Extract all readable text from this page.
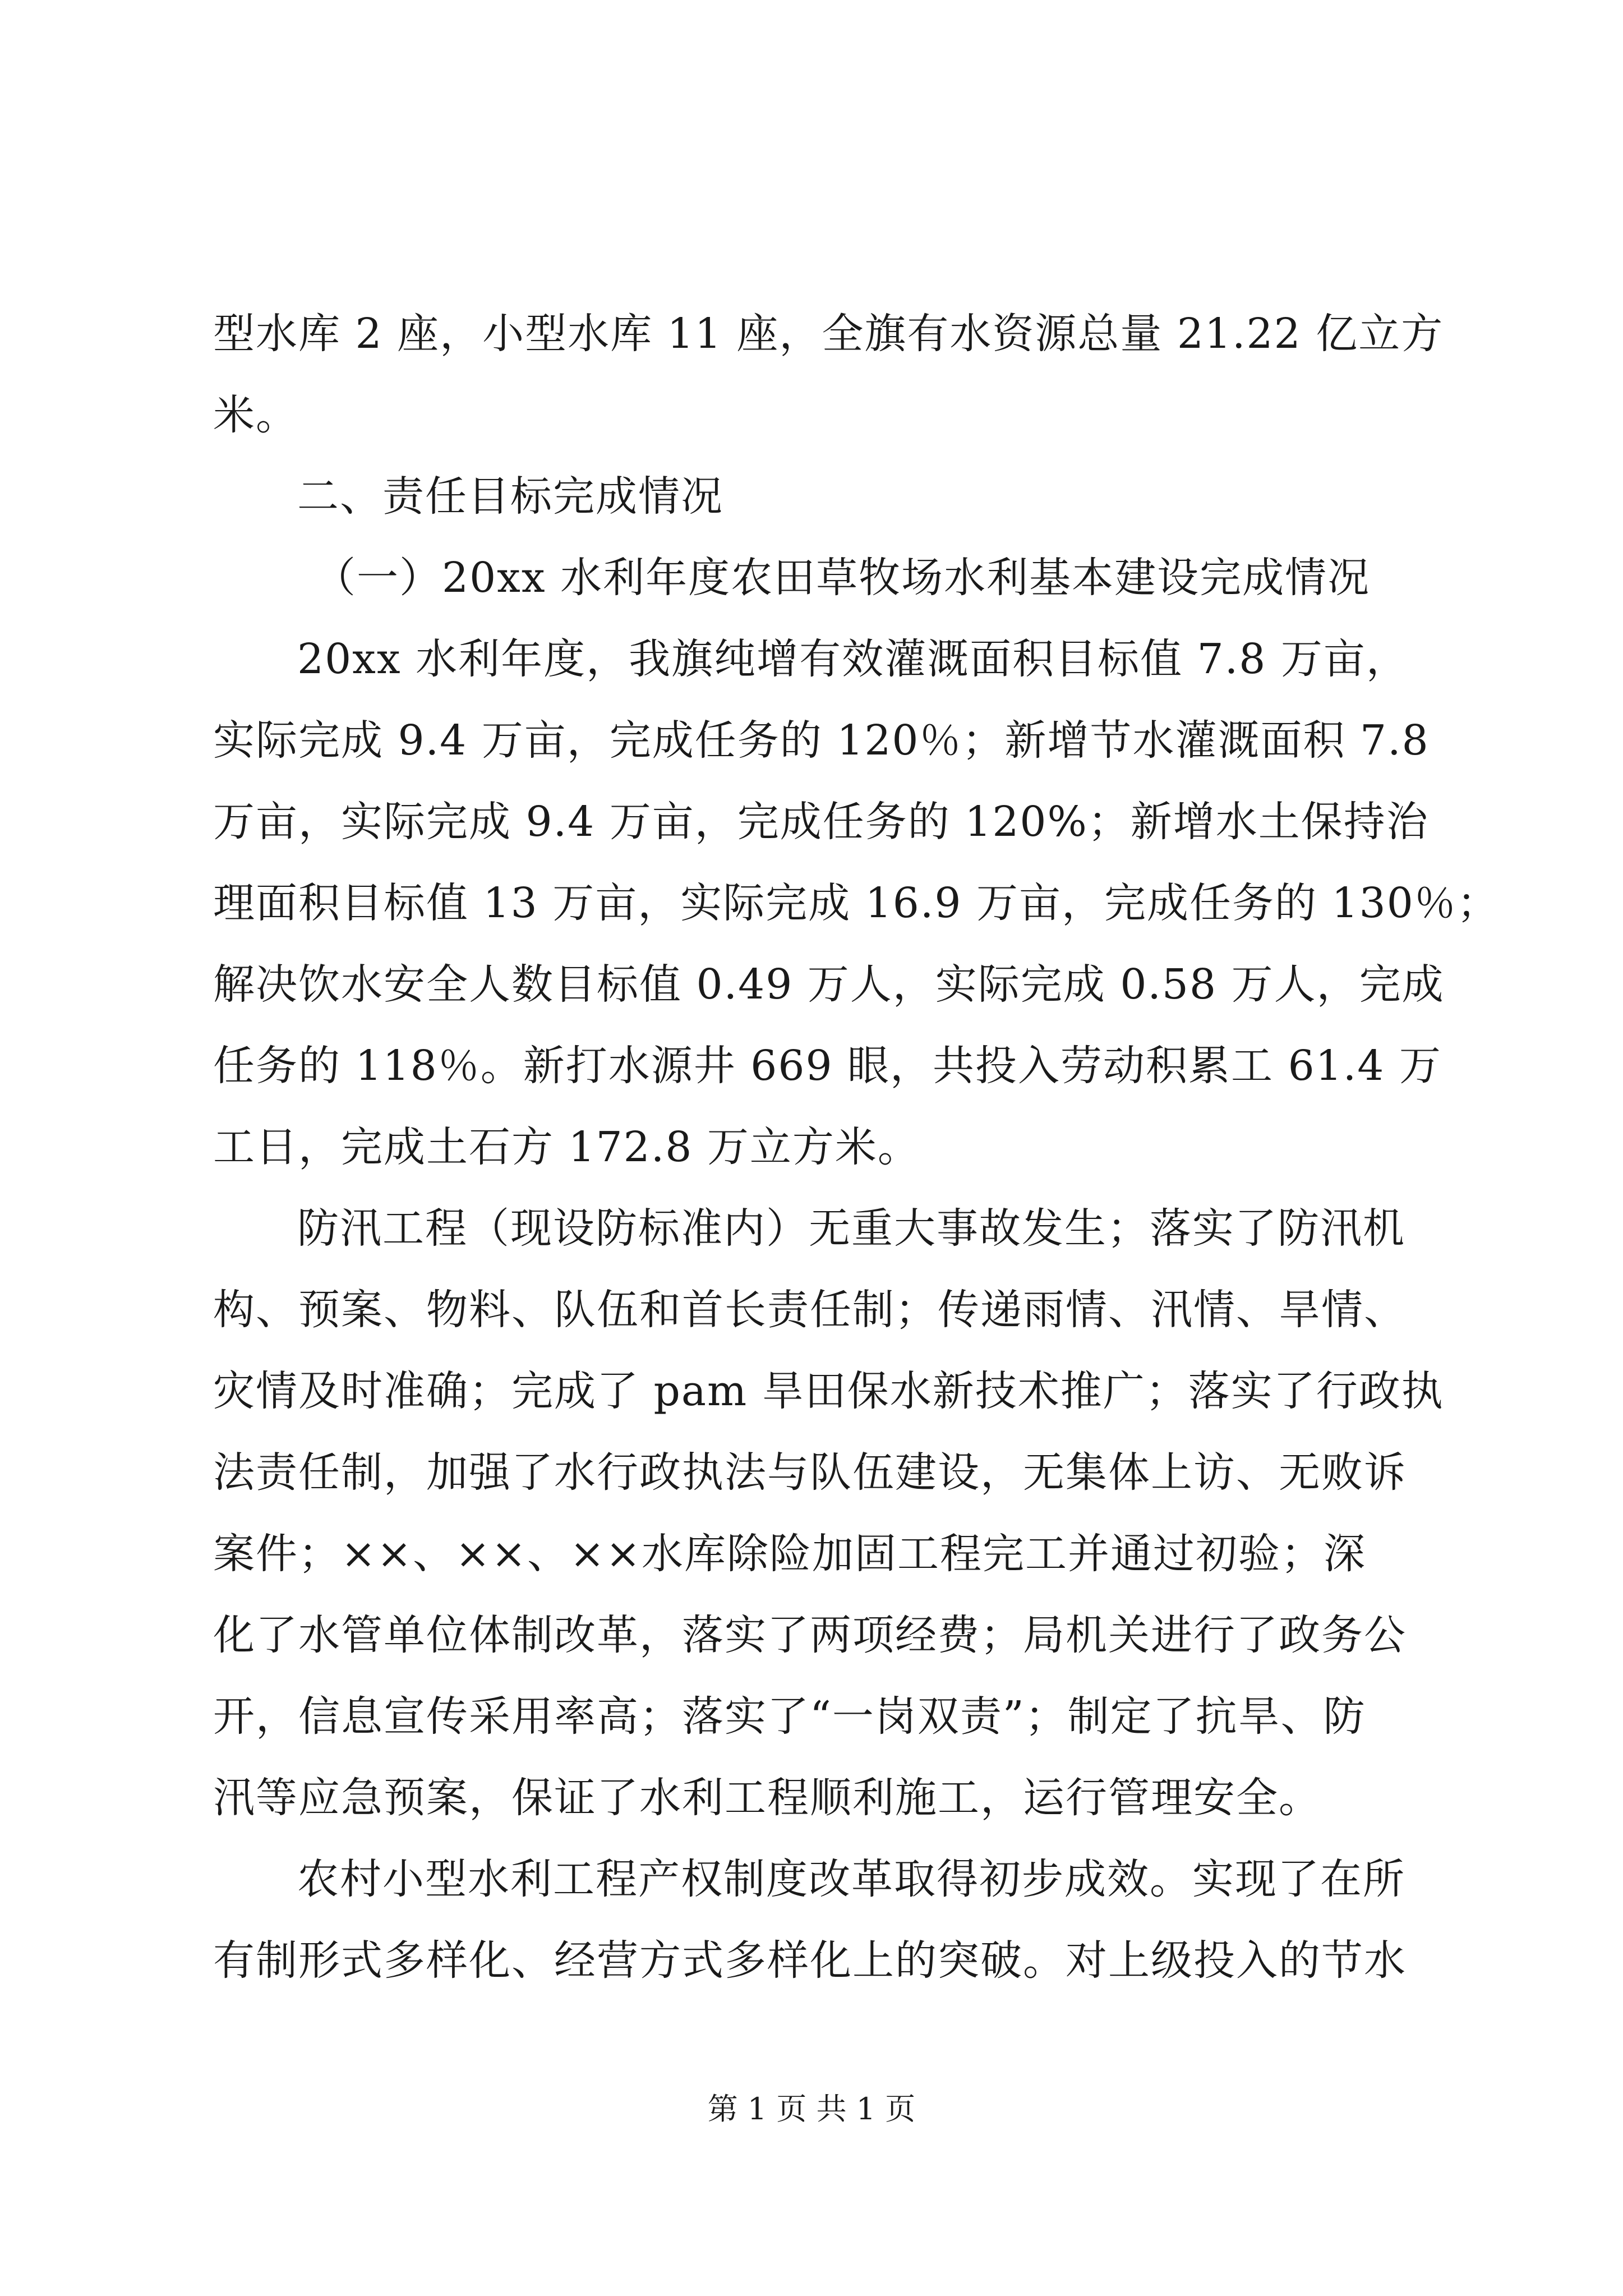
型水库 2 座，小型水库 11 座，全旗有水资源总量 21.22 亿立方
米。
二、责任目标完成情况
（一）20xx 水利年度农田草牧场水利基本建设完成情况
20xx 水利年度，我旗纯增有效灌溉面积目标值 7.8 万亩，
实际完成 9.4 万亩，完成任务的 120％；新增节水灌溉面积 7.8
万亩，实际完成 9.4 万亩，完成任务的 120%；新增水土保持治
理面积目标值 13 万亩，实际完成 16.9 万亩，完成任务的 130％；
解决饮水安全人数目标值 0.49 万人，实际完成 0.58 万人，完成
任务的 118％。新打水源井 669 眼，共投入劳动积累工 61.4 万
工日，完成土石方 172.8 万立方米。
防汛工程（现设防标准内）无重大事故发生；落实了防汛机
构、预案、物料、队伍和首长责任制；传递雨情、汛情、旱情、
灾情及时准确；完成了 pam 旱田保水新技术推广；落实了行政执
法责任制，加强了水行政执法与队伍建设，无集体上访、无败诉
案件；××、××、××水库除险加固工程完工并通过初验；深
化了水管单位体制改革，落实了两项经费；局机关进行了政务公
开，信息宣传采用率高；落实了“一岗双责”；制定了抗旱、防
汛等应急预案，保证了水利工程顺利施工，运行管理安全。
农村小型水利工程产权制度改革取得初步成效。实现了在所
有制形式多样化、经营方式多样化上的突破。对上级投入的节水
第 1 页 共 1 页
